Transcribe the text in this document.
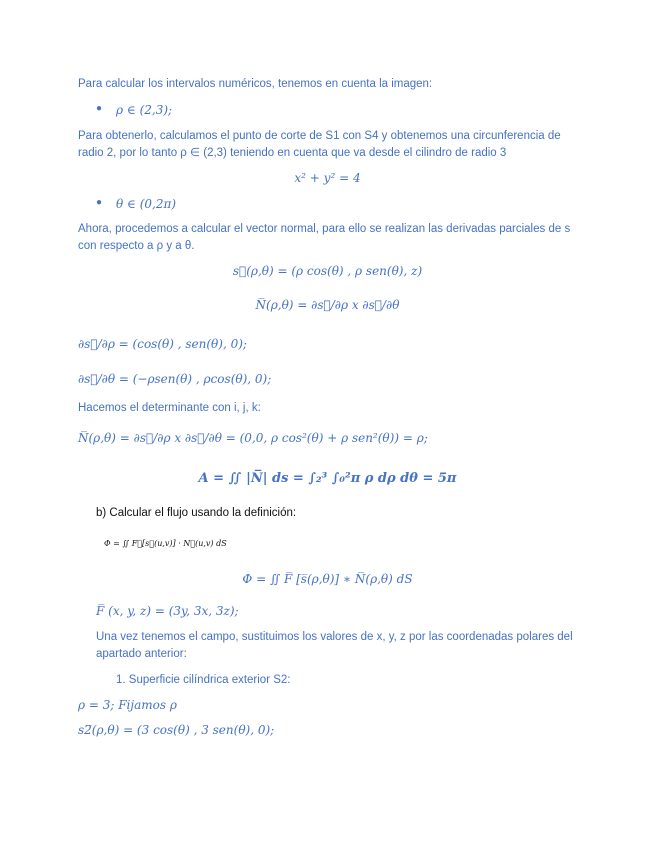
Para calcular los intervalos numéricos, tenemos en cuenta la imagen:
● ρ ∈ (2,3);
Para obtenerlo, calculamos el punto de corte de S1 con S4 y obtenemos una circunferencia de
radio 2, por lo tanto ρ ∈ (2,3) teniendo en cuenta que va desde el cilindro de radio 3
x² + y² = 4
● θ ∈ (0,2π)
Ahora, procedemos a calcular el vector normal, para ello se realizan las derivadas parciales de s
con respecto a ρ y a θ.
s⃗(ρ,θ) = (ρ cos(θ) , ρ sen(θ), z)
N̅(ρ,θ) = ∂s⃗/∂ρ x ∂s⃗/∂θ
∂s⃗/∂ρ = (cos(θ) , sen(θ), 0);
∂s⃗/∂θ = (−ρsen(θ) , ρcos(θ), 0);
Hacemos el determinante con i, j, k:
N̅(ρ,θ) = ∂s⃗/∂ρ x ∂s⃗/∂θ = (0,0, ρ cos²(θ) + ρ sen²(θ)) = ρ;
A = ∬ |N̅| ds = ∫₂³ ∫₀²π ρ dρ dθ = 5π
b) Calcular el flujo usando la definición:
Φ = ∬ F⃗[s⃗(u,v)] · N⃗(u,v) dS
Φ = ∬ F̅ [s̅(ρ,θ)] ∗ N̅(ρ,θ) dS
F̅ (x, y, z) = (3y, 3x, 3z);
Una vez tenemos el campo, sustituimos los valores de x, y, z por las coordenadas polares del
apartado anterior:
1. Superficie cilíndrica exterior S2:
ρ = 3; Fijamos ρ
s2̅(ρ,θ) = (3 cos(θ) , 3 sen(θ), 0);
